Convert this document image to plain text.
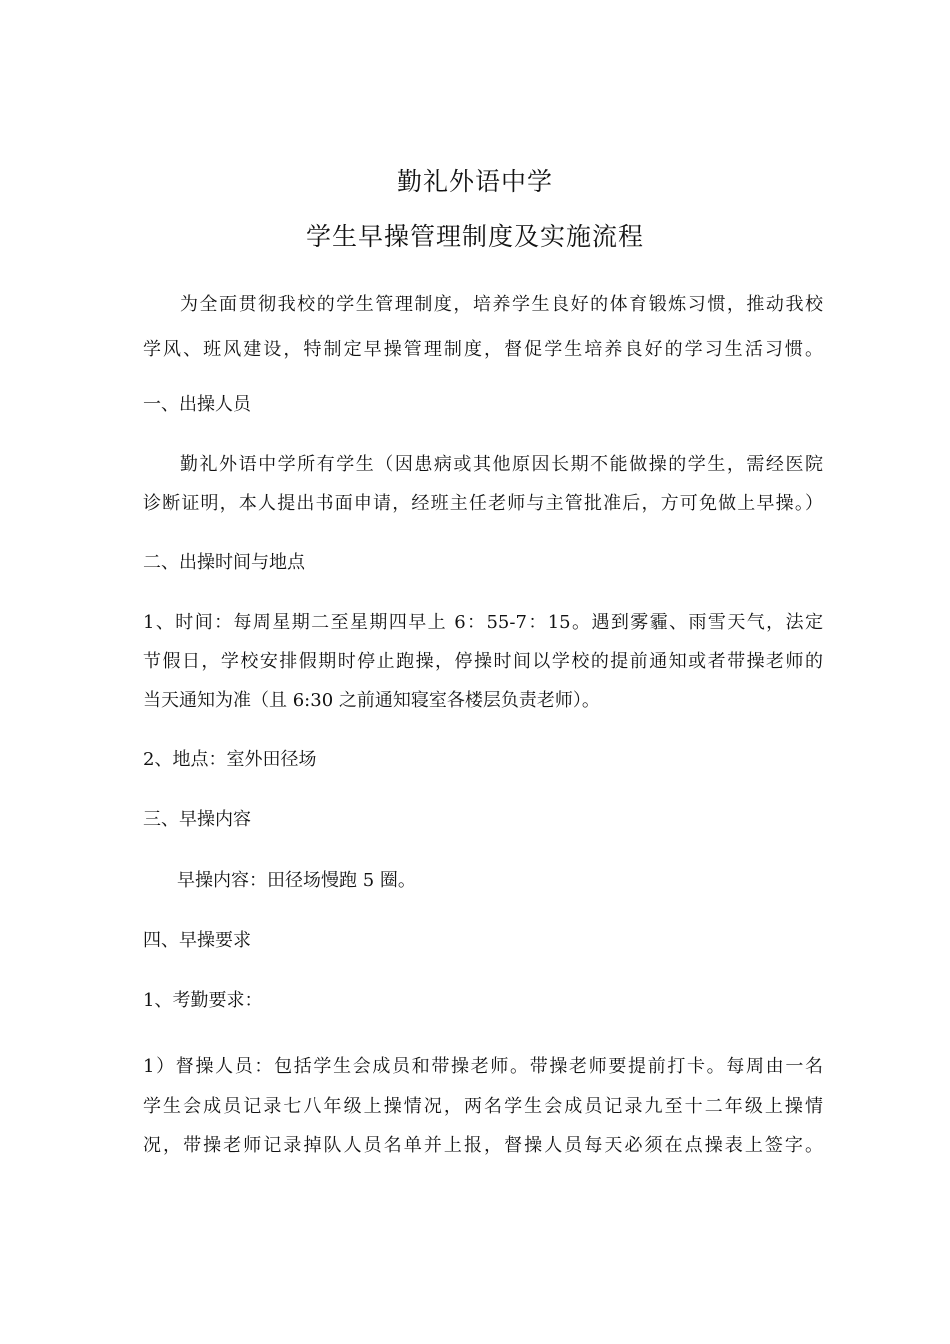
勤礼外语中学
学生早操管理制度及实施流程

为全面贯彻我校的学生管理制度，培养学生良好的体育锻炼习惯，推动我校

学风、班风建设，特制定早操管理制度，督促学生培养良好的学习生活习惯。

一、出操人员

勤礼外语中学所有学生（因患病或其他原因长期不能做操的学生，需经医院

诊断证明，本人提出书面申请，经班主任老师与主管批准后，方可免做上早操。）

二、出操时间与地点

1、时间：每周星期二至星期四早上 6：55-7：15。遇到雾霾、雨雪天气，法定

节假日，学校安排假期时停止跑操，停操时间以学校的提前通知或者带操老师的

当天通知为准（且 6:30 之前通知寝室各楼层负责老师）。

2、地点：室外田径场

三、早操内容

早操内容：田径场慢跑 5 圈。

四、早操要求

1、考勤要求：

1）督操人员：包括学生会成员和带操老师。带操老师要提前打卡。每周由一名

学生会成员记录七八年级上操情况，两名学生会成员记录九至十二年级上操情

况，带操老师记录掉队人员名单并上报，督操人员每天必须在点操表上签字。
